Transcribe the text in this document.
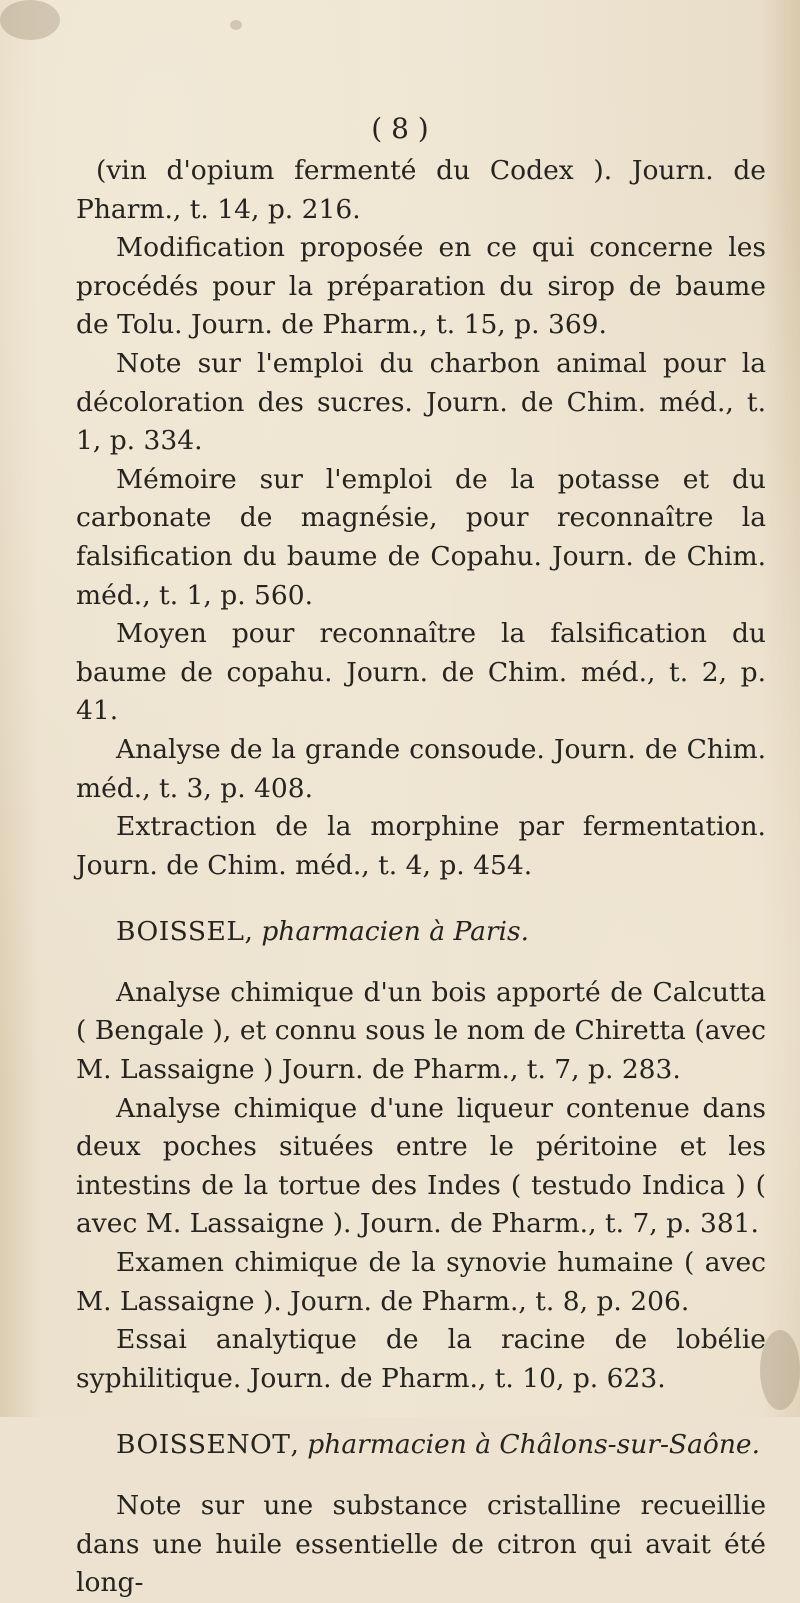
( 8 )

(vin d'opium fermenté du Codex ). Journ. de Pharm., t. 14, p. 216.

Modification proposée en ce qui concerne les procédés pour la préparation du sirop de baume de Tolu. Journ. de Pharm., t. 15, p. 369.

Note sur l'emploi du charbon animal pour la décoloration des sucres. Journ. de Chim. méd., t. 1, p. 334.

Mémoire sur l'emploi de la potasse et du carbonate de magnésie, pour reconnaître la falsification du baume de Copahu. Journ. de Chim. méd., t. 1, p. 560.

Moyen pour reconnaître la falsification du baume de copahu. Journ. de Chim. méd., t. 2, p. 41.

Analyse de la grande consoude. Journ. de Chim. méd., t. 3, p. 408.

Extraction de la morphine par fermentation. Journ. de Chim. méd., t. 4, p. 454.

BOISSEL, pharmacien à Paris.

Analyse chimique d'un bois apporté de Calcutta ( Bengale ), et connu sous le nom de Chiretta (avec M. Lassaigne ) Journ. de Pharm., t. 7, p. 283.

Analyse chimique d'une liqueur contenue dans deux poches situées entre le péritoine et les intestins de la tortue des Indes ( testudo Indica ) ( avec M. Lassaigne ). Journ. de Pharm., t. 7, p. 381.

Examen chimique de la synovie humaine ( avec M. Lassaigne ). Journ. de Pharm., t. 8, p. 206.

Essai analytique de la racine de lobélie syphilitique. Journ. de Pharm., t. 10, p. 623.

BOISSENOT, pharmacien à Châlons-sur-Saône.

Note sur une substance cristalline recueillie dans une huile essentielle de citron qui avait été long-
